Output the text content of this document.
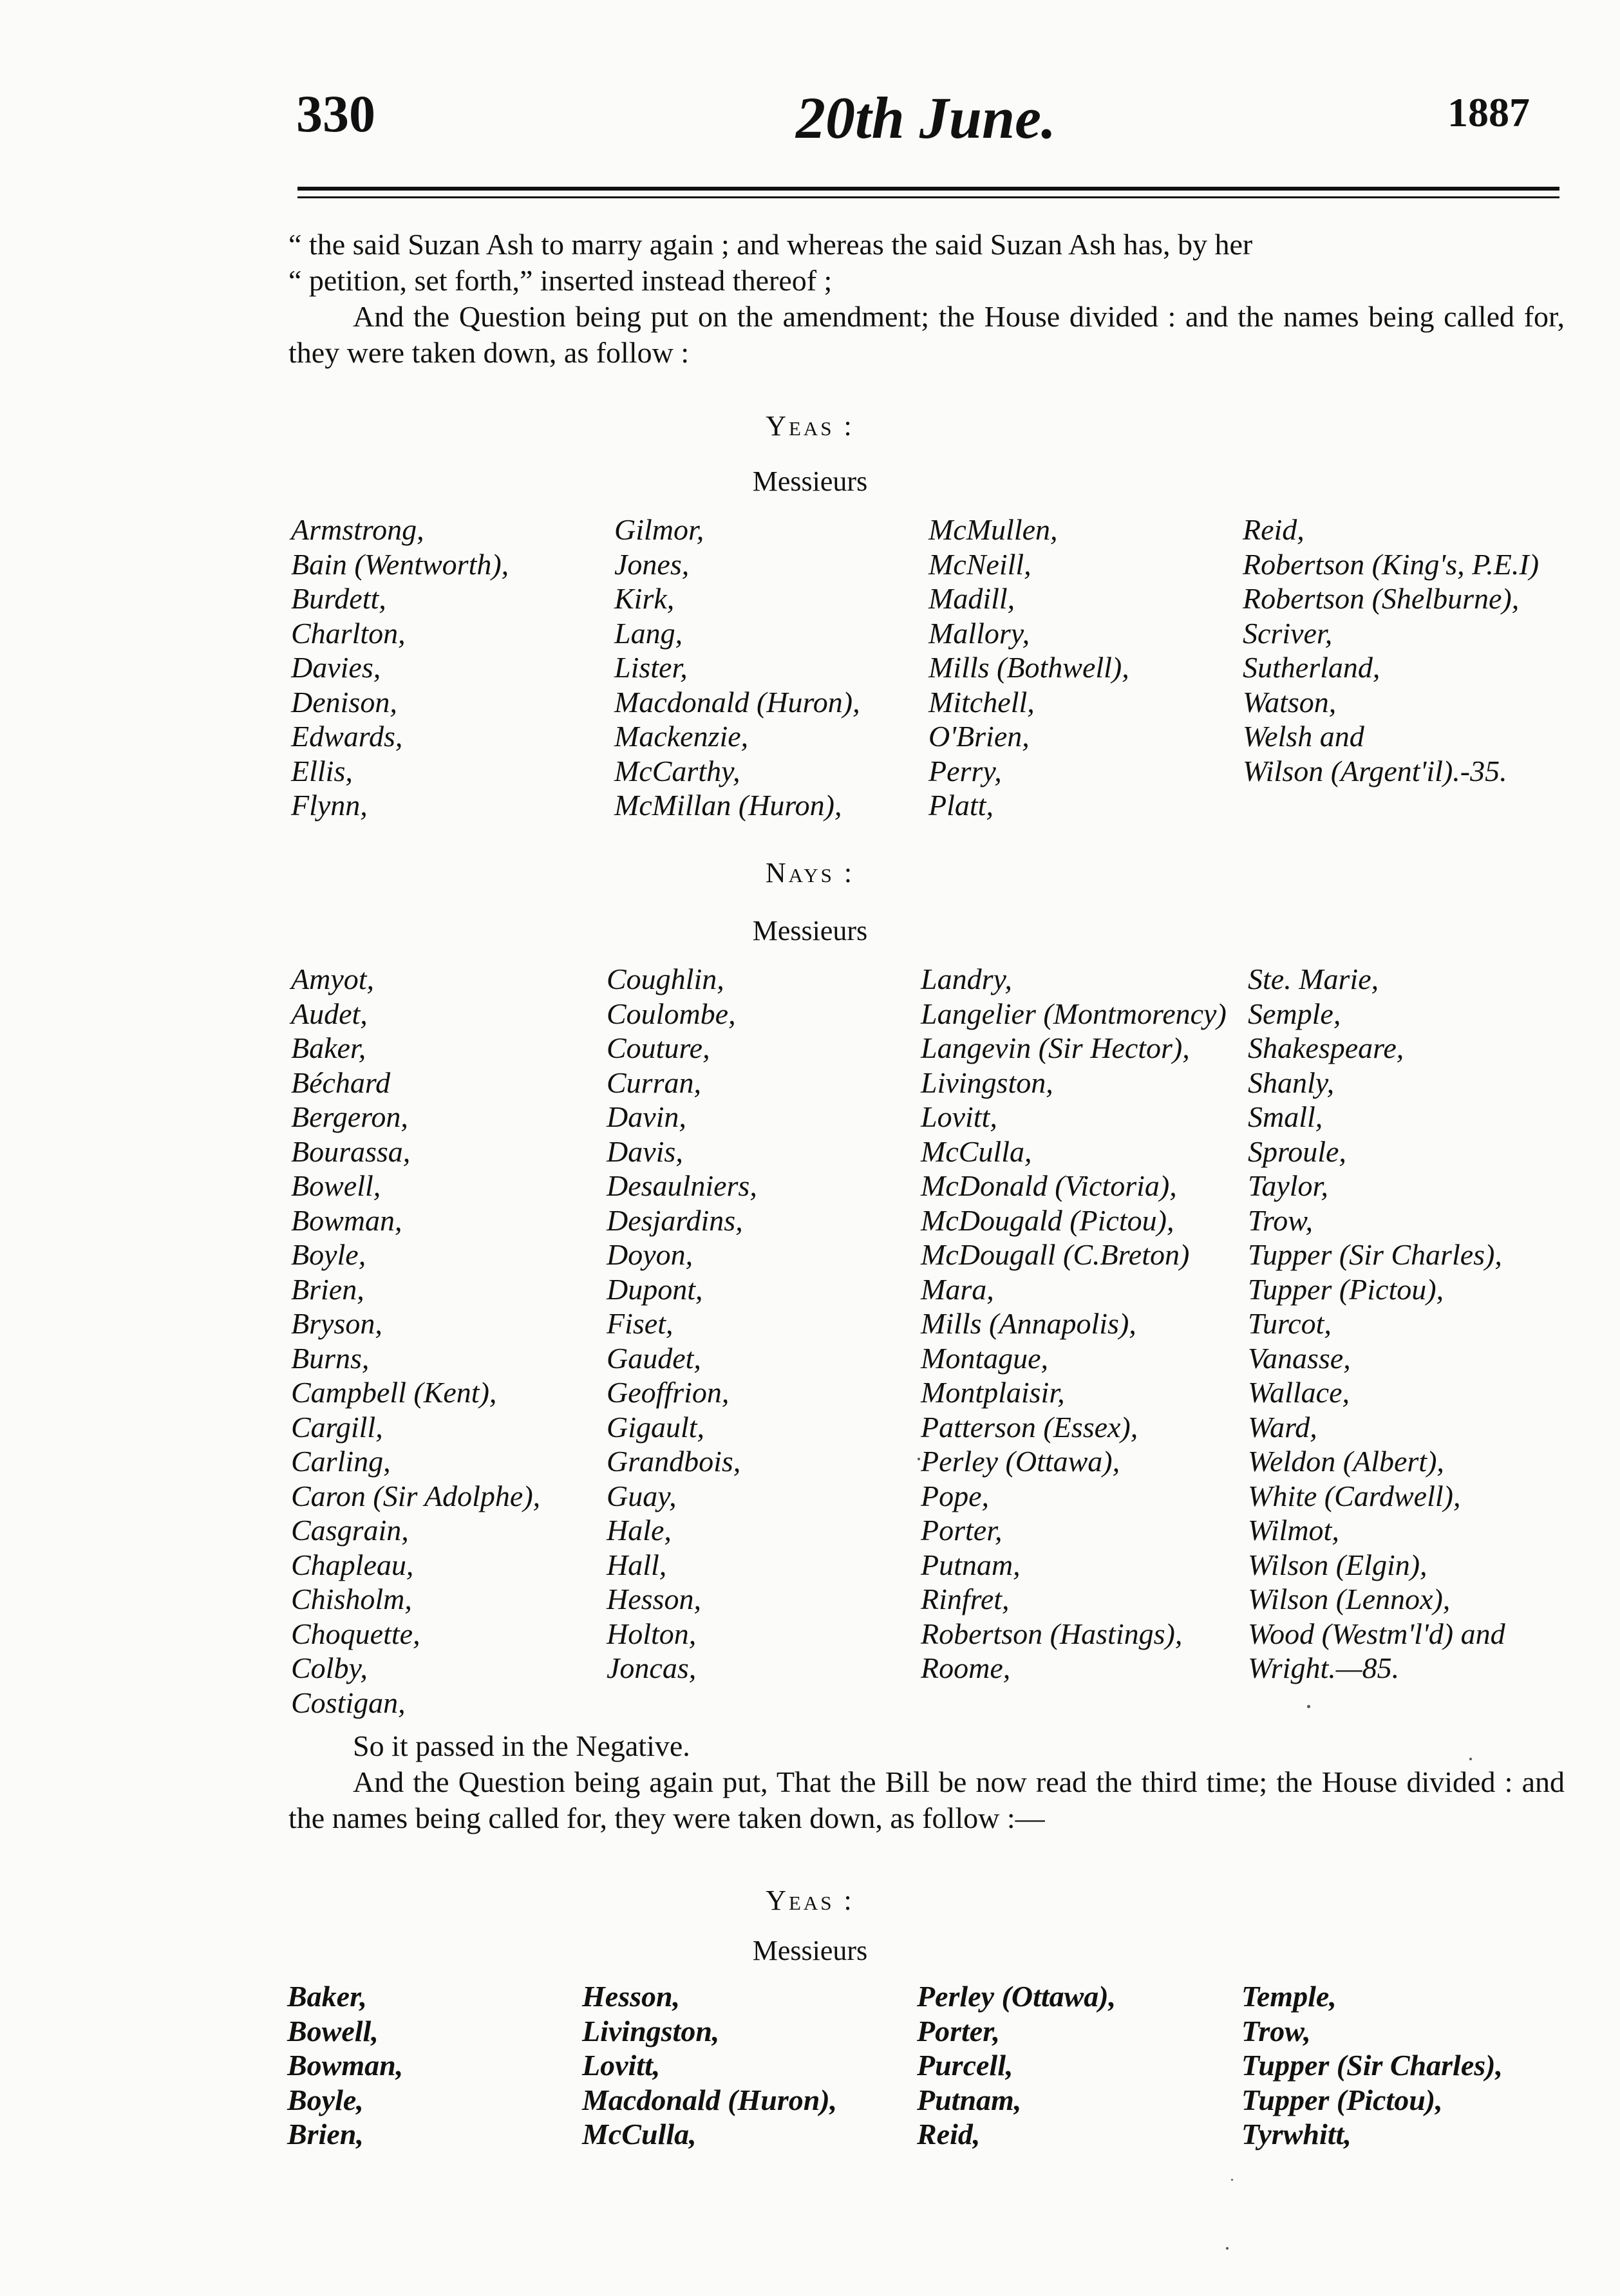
330	20th June.	1887
“ the said Suzan Ash to marry again ; and whereas the said Suzan Ash has, by her
“ petition, set forth,” inserted instead thereof ;
And the Question being put on the amendment; the House divided : and the names being called for, they were taken down, as follow :
Yeas :
Messieurs
Armstrong,
Bain (Wentworth),
Burdett,
Charlton,
Davies,
Denison,
Edwards,
Ellis,
Flynn,
Gilmor,
Jones,
Kirk,
Lang,
Lister,
Macdonald (Huron),
Mackenzie,
McCarthy,
McMillan (Huron),
McMullen,
McNeill,
Madill,
Mallory,
Mills (Bothwell),
Mitchell,
O'Brien,
Perry,
Platt,
Reid,
Robertson (King's, P.E.I)
Robertson (Shelburne),
Scriver,
Sutherland,
Watson,
Welsh and
Wilson (Argent'il).-35.
Nays :
Messieurs
Amyot,
Audet,
Baker,
Béchard
Bergeron,
Bourassa,
Bowell,
Bowman,
Boyle,
Brien,
Bryson,
Burns,
Campbell (Kent),
Cargill,
Carling,
Caron (Sir Adolphe),
Casgrain,
Chapleau,
Chisholm,
Choquette,
Colby,
Costigan,
Coughlin,
Coulombe,
Couture,
Curran,
Davin,
Davis,
Desaulniers,
Desjardins,
Doyon,
Dupont,
Fiset,
Gaudet,
Geoffrion,
Gigault,
Grandbois,
Guay,
Hale,
Hall,
Hesson,
Holton,
Joncas,
Landry,
Langelier (Montmorency)
Langevin (Sir Hector),
Livingston,
Lovitt,
McCulla,
McDonald (Victoria),
McDougald (Pictou),
McDougall (C.Breton)
Mara,
Mills (Annapolis),
Montague,
Montplaisir,
Patterson (Essex),
Perley (Ottawa),
Pope,
Porter,
Putnam,
Rinfret,
Robertson (Hastings),
Roome,
Ste. Marie,
Semple,
Shakespeare,
Shanly,
Small,
Sproule,
Taylor,
Trow,
Tupper (Sir Charles),
Tupper (Pictou),
Turcot,
Vanasse,
Wallace,
Ward,
Weldon (Albert),
White (Cardwell),
Wilmot,
Wilson (Elgin),
Wilson (Lennox),
Wood (Westm'l'd) and
Wright.—85.
So it passed in the Negative.
And the Question being again put, That the Bill be now read the third time; the House divided : and the names being called for, they were taken down, as follow :—
Yeas :
Messieurs
Baker,
Bowell,
Bowman,
Boyle,
Brien,
Hesson,
Livingston,
Lovitt,
Macdonald (Huron),
McCulla,
Perley (Ottawa),
Porter,
Purcell,
Putnam,
Reid,
Temple,
Trow,
Tupper (Sir Charles),
Tupper (Pictou),
Tyrwhitt,
